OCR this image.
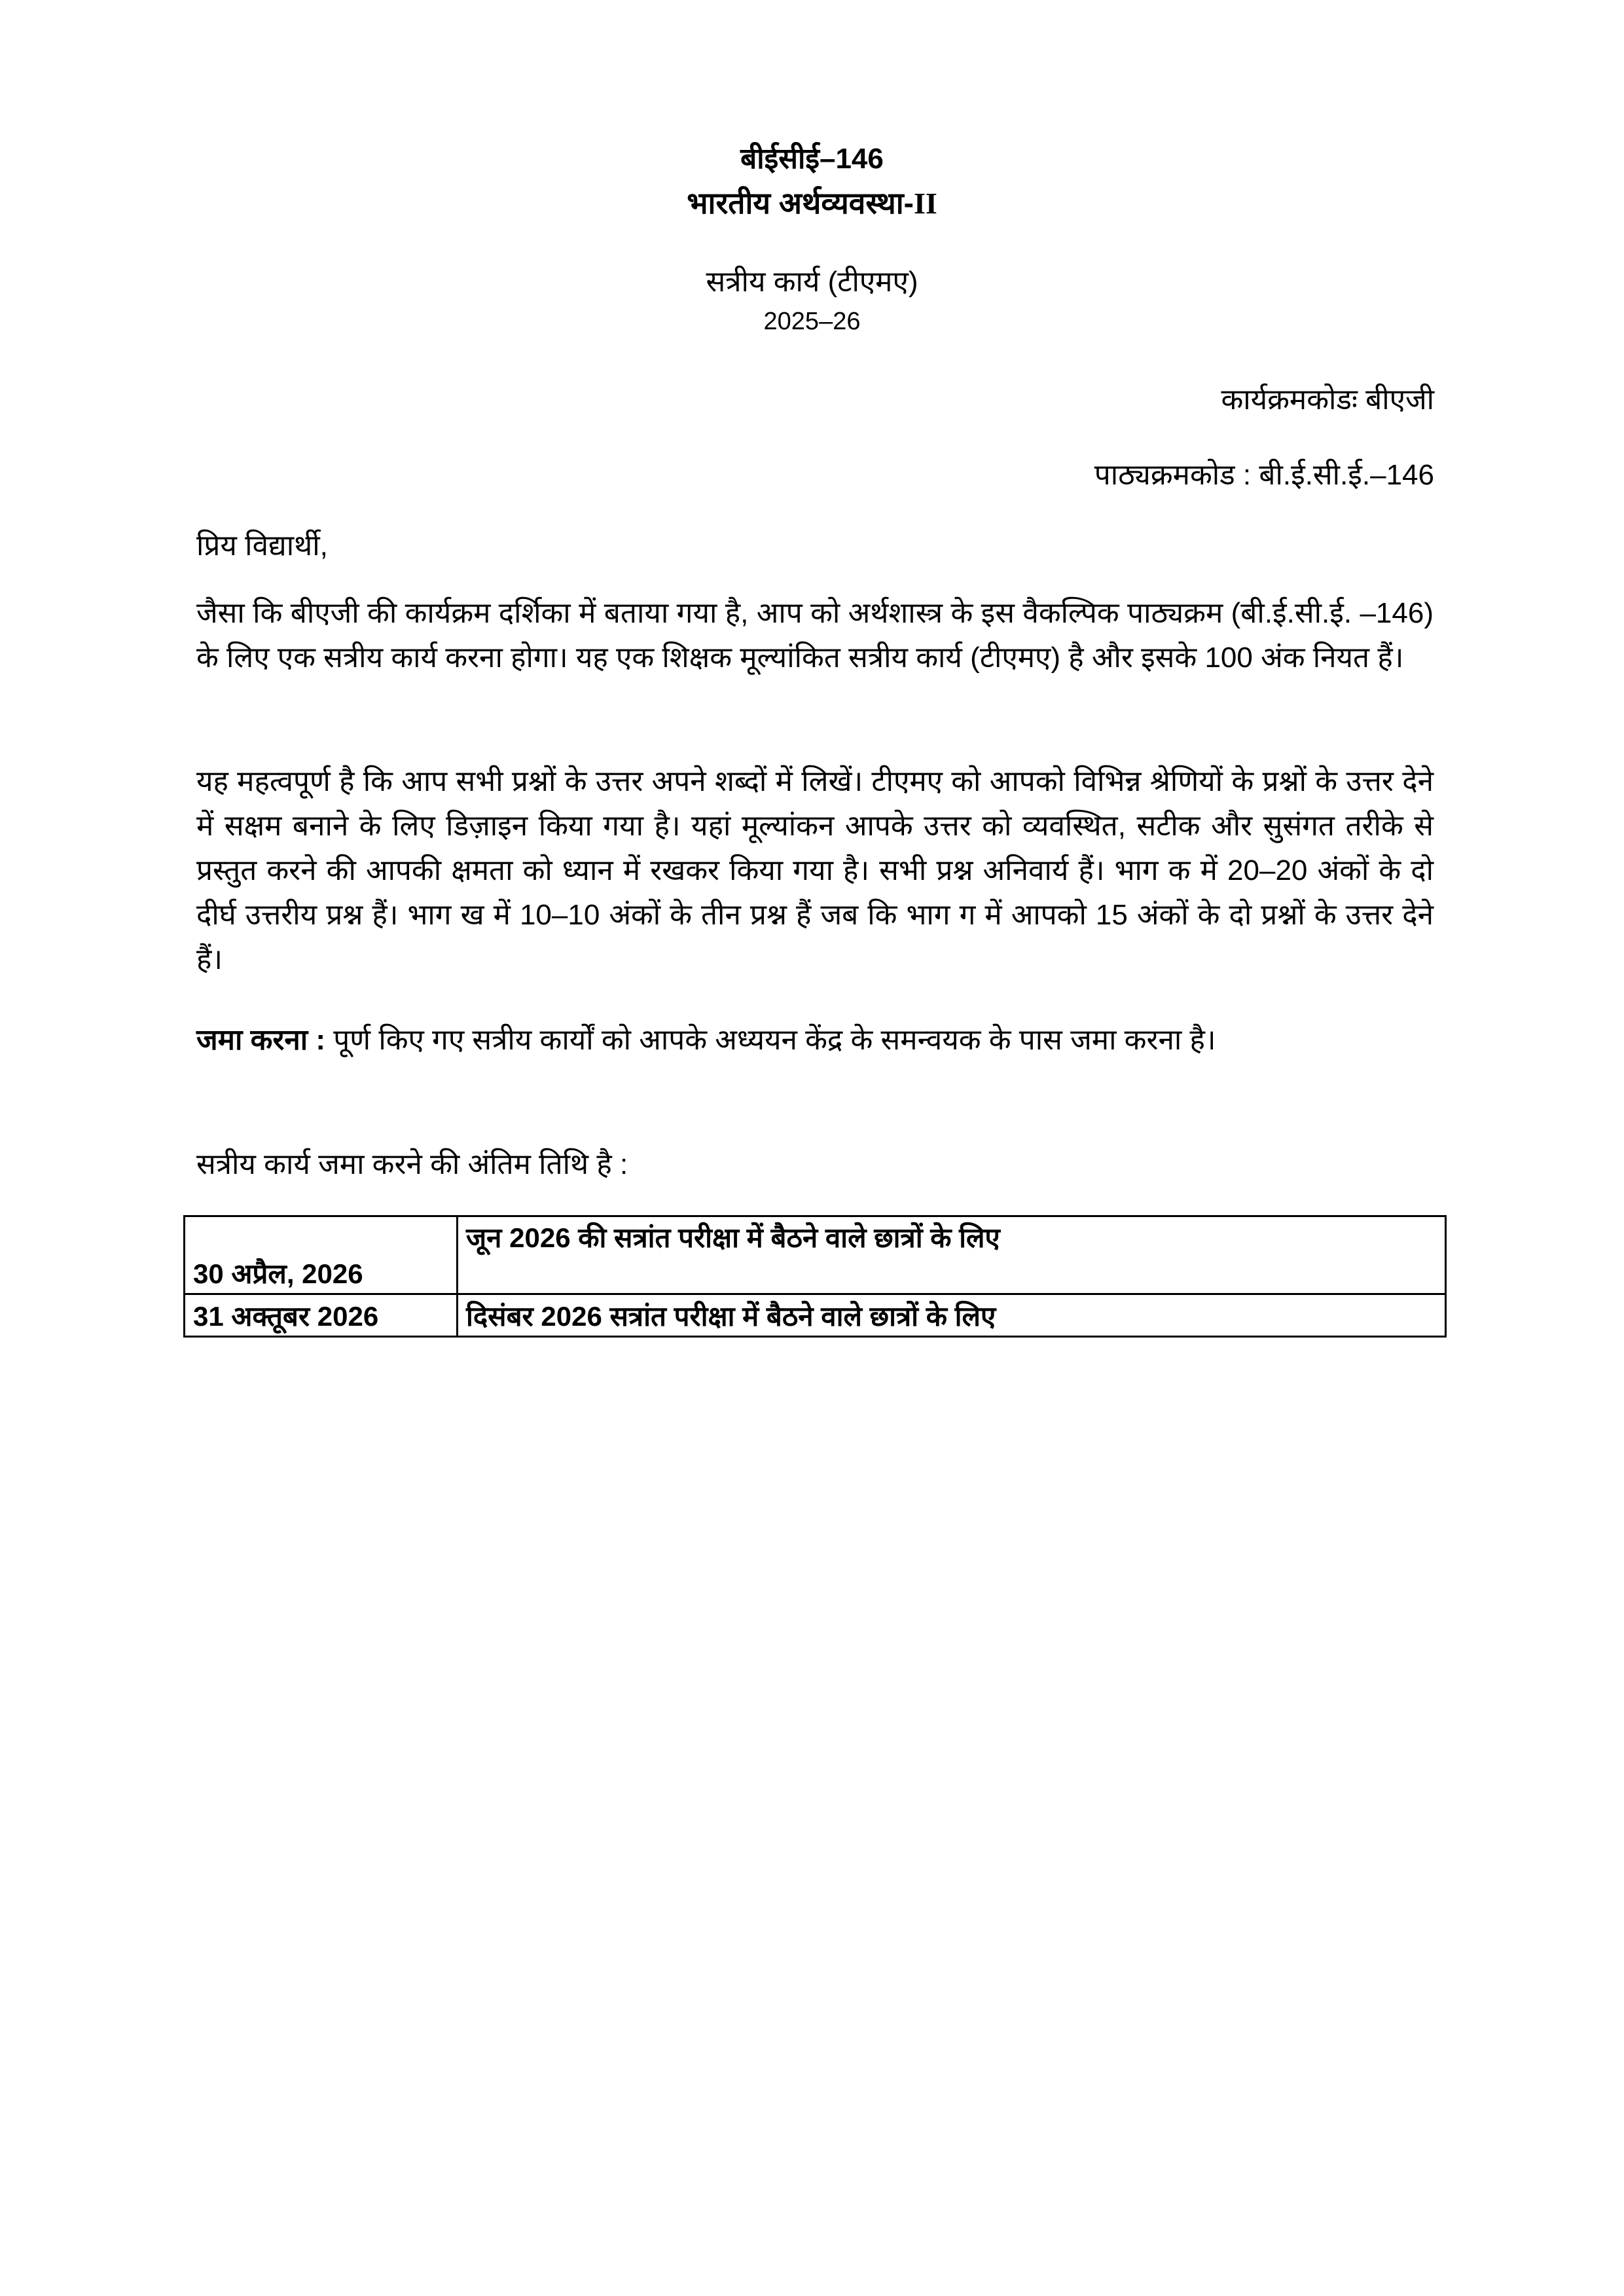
बीईसीई–146
भारतीय अर्थव्यवस्था-II
सत्रीय कार्य (टीएमए)
2025–26
कार्यक्रमकोडः बीएजी
पाठ्यक्रमकोड : बी.ई.सी.ई.–146
प्रिय विद्यार्थी,
जैसा कि बीएजी की कार्यक्रम दर्शिका में बताया गया है, आप को अर्थशास्त्र के इस वैकल्पिक पाठ्यक्रम (बी.ई.सी.ई. –146) के लिए एक सत्रीय कार्य करना होगा। यह एक शिक्षक मूल्यांकित सत्रीय कार्य (टीएमए) है और इसके 100 अंक नियत हैं।
यह महत्वपूर्ण है कि आप सभी प्रश्नों के उत्तर अपने शब्दों में लिखें। टीएमए को आपको विभिन्न श्रेणियों के प्रश्नों के उत्तर देने में सक्षम बनाने के लिए डिज़ाइन किया गया है। यहां मूल्यांकन आपके उत्तर को व्यवस्थित, सटीक और सुसंगत तरीके से प्रस्तुत करने की आपकी क्षमता को ध्यान में रखकर किया गया है। सभी प्रश्न अनिवार्य हैं। भाग क में 20–20 अंकों के दो दीर्घ उत्तरीय प्रश्न हैं। भाग ख में 10–10 अंकों के तीन प्रश्न हैं जब कि भाग ग में आपको 15 अंकों के दो प्रश्नों के उत्तर देने हैं।
जमा करना : पूर्ण किए गए सत्रीय कार्यों को आपके अध्ययन केंद्र के समन्वयक के पास जमा करना है।
सत्रीय कार्य जमा करने की अंतिम तिथि है :
30 अप्रैल, 2026	जून 2026 की सत्रांत परीक्षा में बैठने वाले छात्रों के लिए
31 अक्तूबर 2026	दिसंबर 2026 सत्रांत परीक्षा में बैठने वाले छात्रों के लिए
